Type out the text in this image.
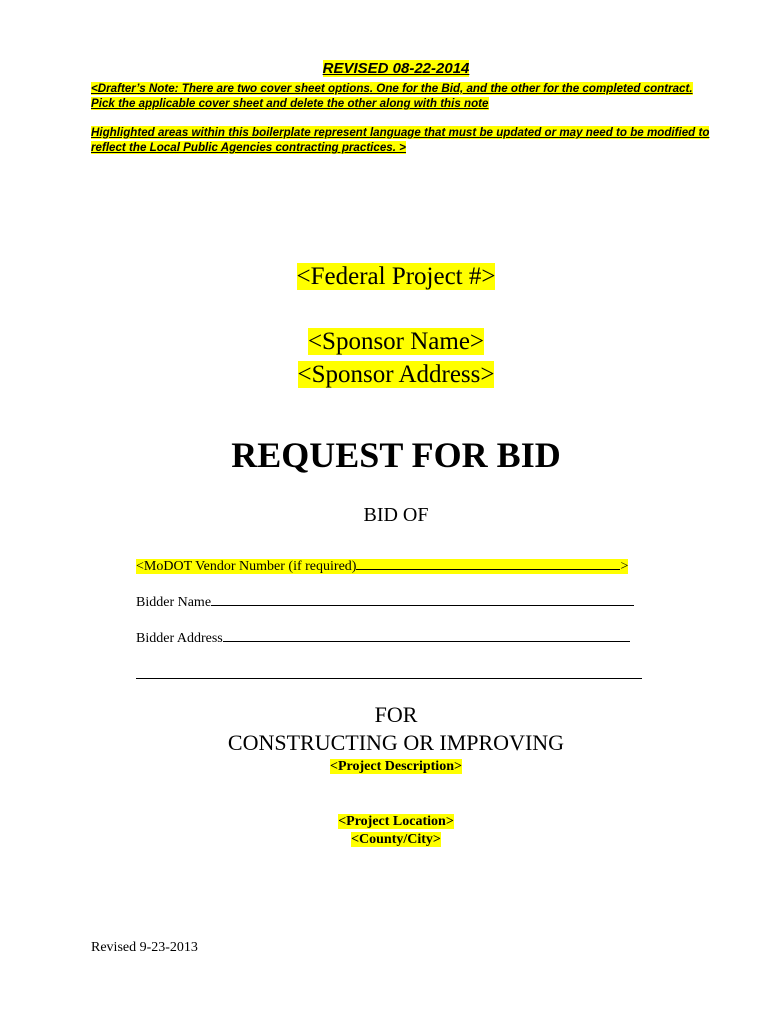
REVISED 08-22-2014
<Drafter’s Note: There are two cover sheet options. One for the Bid, and the other for the completed contract. Pick the applicable cover sheet and delete the other along with this note
Highlighted areas within this boilerplate represent language that must be updated or may need to be modified to reflect the Local Public Agencies contracting practices. >
<Federal Project #>
<Sponsor Name>
<Sponsor Address>
REQUEST FOR BID
BID OF
<MoDOT Vendor Number (if required)	>
Bidder Name
Bidder Address
FOR
CONSTRUCTING OR IMPROVING
<Project Description>
<Project Location>
<County/City>
Revised 9-23-2013
